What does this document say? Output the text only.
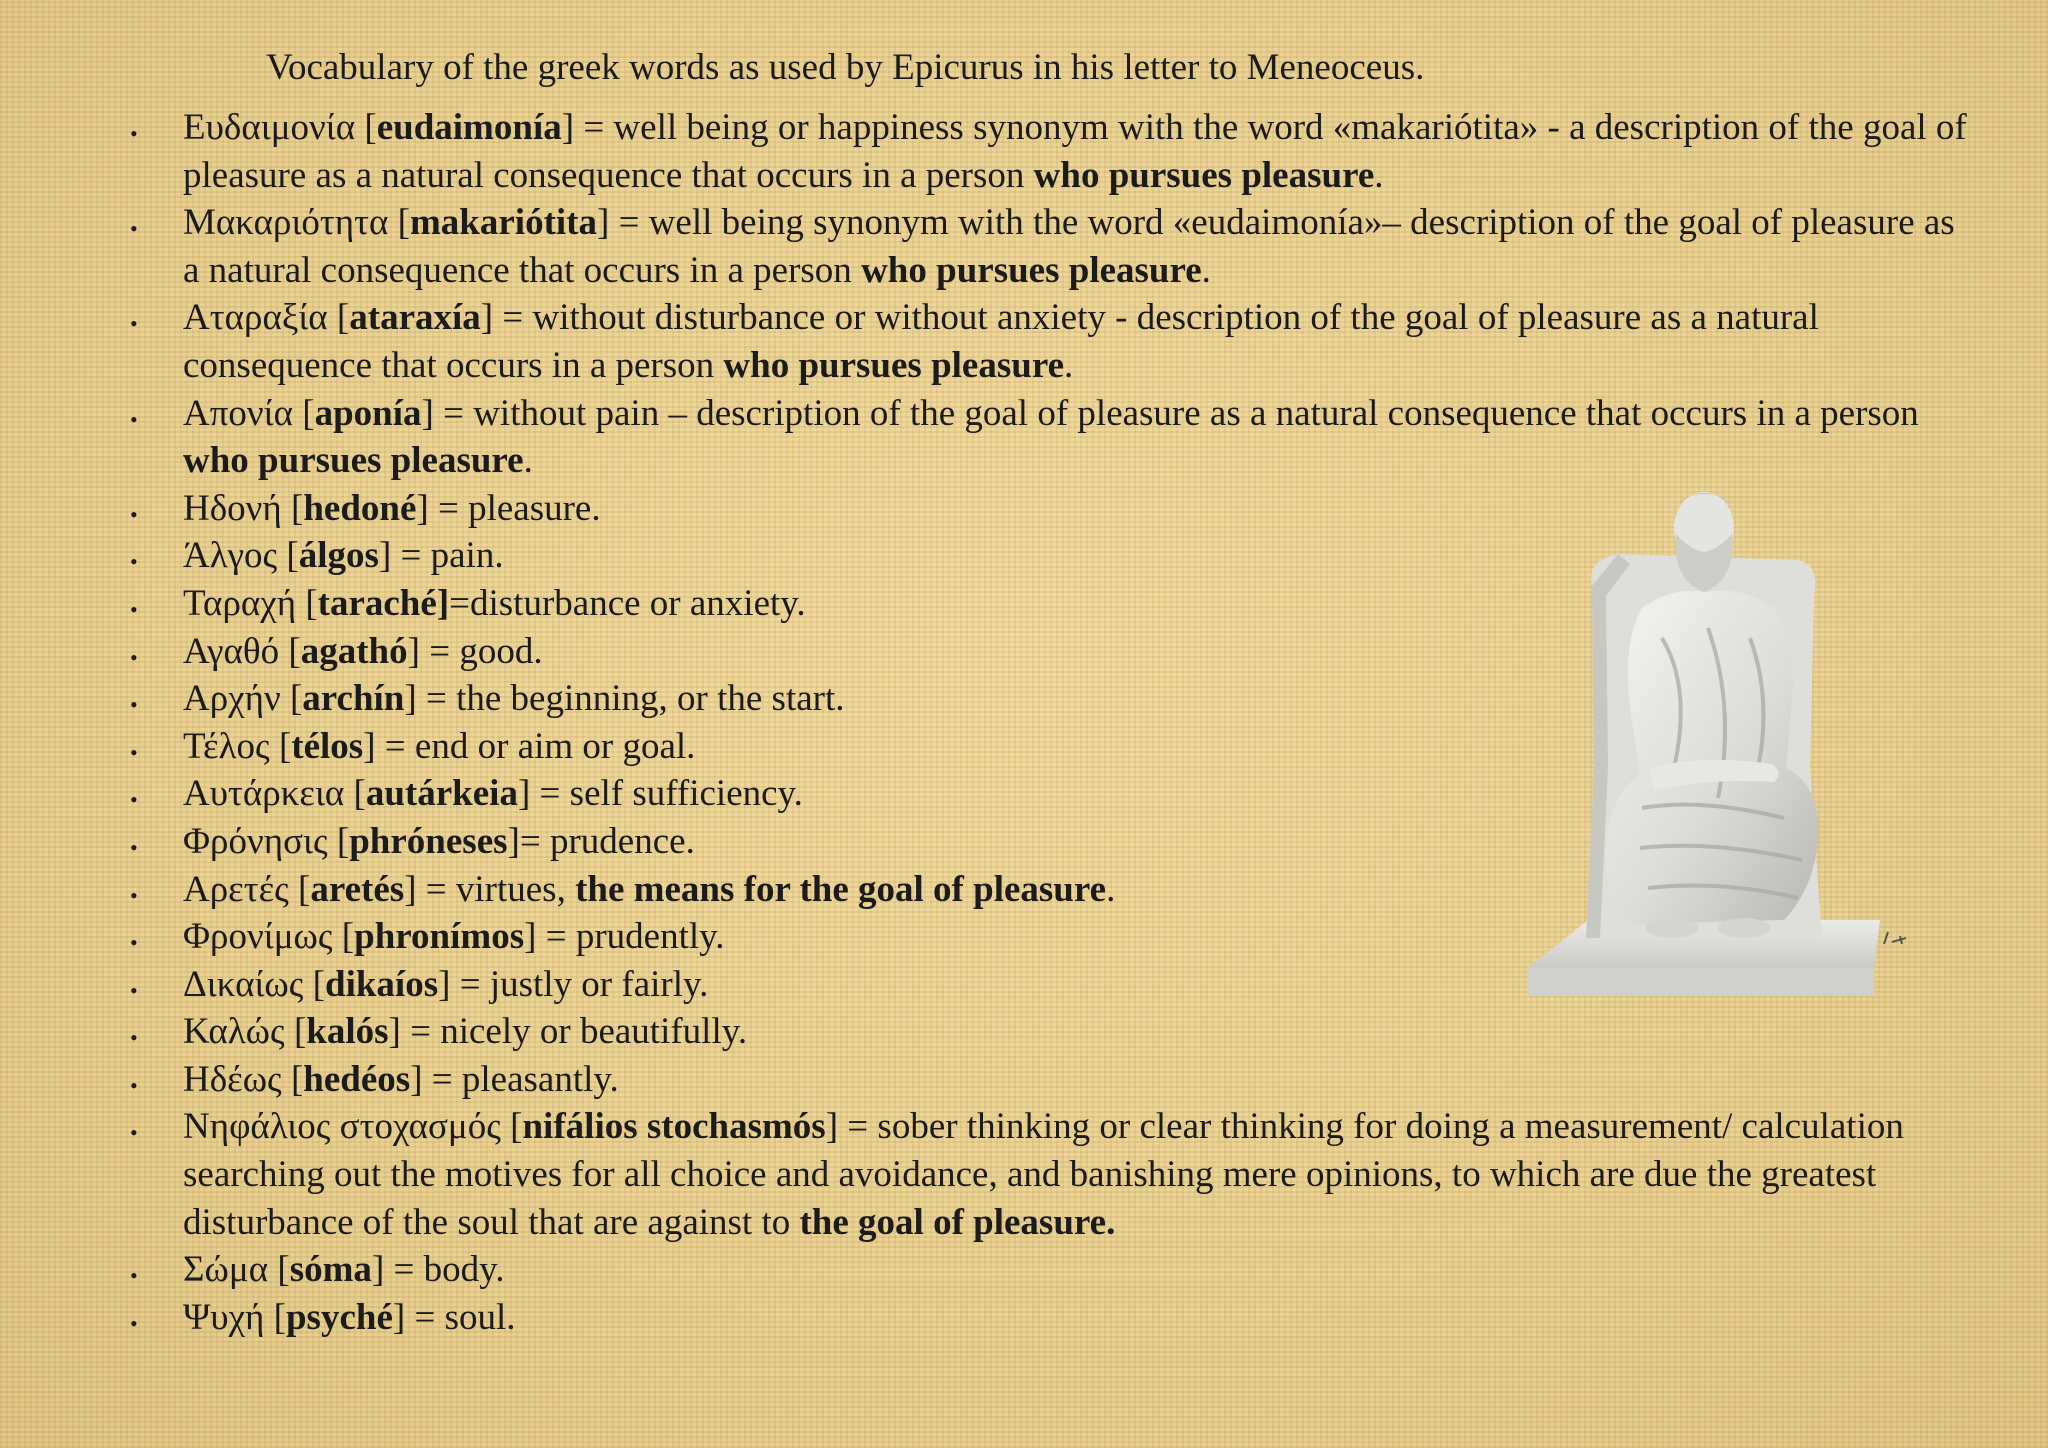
Vocabulary of the greek words as used by Epicurus in his letter to Meneoceus.
• Ευδαιμονία [eudaimonía] = well being or happiness synonym with the word «makariótita» - a description of the goal of pleasure as a natural consequence that occurs in a person who pursues pleasure.
• Μακαριότητα [makariótita] = well being synonym with the word «eudaimonía»– description of the goal of pleasure as a natural consequence that occurs in a person who pursues pleasure.
• Αταραξία [ataraxía] = without disturbance or without anxiety - description of the goal of pleasure as a natural consequence that occurs in a person who pursues pleasure.
• Απονία [aponía] = without pain – description of the goal of pleasure as a natural consequence that occurs in a person who pursues pleasure.
• Ηδονή [hedoné] = pleasure.
• Άλγος [álgos] = pain.
• Ταραχή [taraché]=disturbance or anxiety.
• Αγαθό [agathó] = good.
• Αρχήν [archín] = the beginning, or the start.
• Τέλος [télos] = end or aim or goal.
• Αυτάρκεια [autárkeia] = self sufficiency.
• Φρόνησις [phróneses]= prudence.
• Αρετές [aretés] = virtues, the means for the goal of pleasure.
• Φρονίμως [phronímos] = prudently.
• Δικαίως [dikaíos] = justly or fairly.
• Καλώς [kalós] = nicely or beautifully.
• Ηδέως [hedéos] = pleasantly.
• Νηφάλιος στοχασμός [nifálios stochasmós] = sober thinking or clear thinking for doing a measurement/ calculation searching out the motives for all choice and avoidance, and banishing mere opinions, to which are due the greatest disturbance of the soul that are against to the goal of pleasure.
• Σώμα [sóma] = body.
• Ψυχή [psyché] = soul.
